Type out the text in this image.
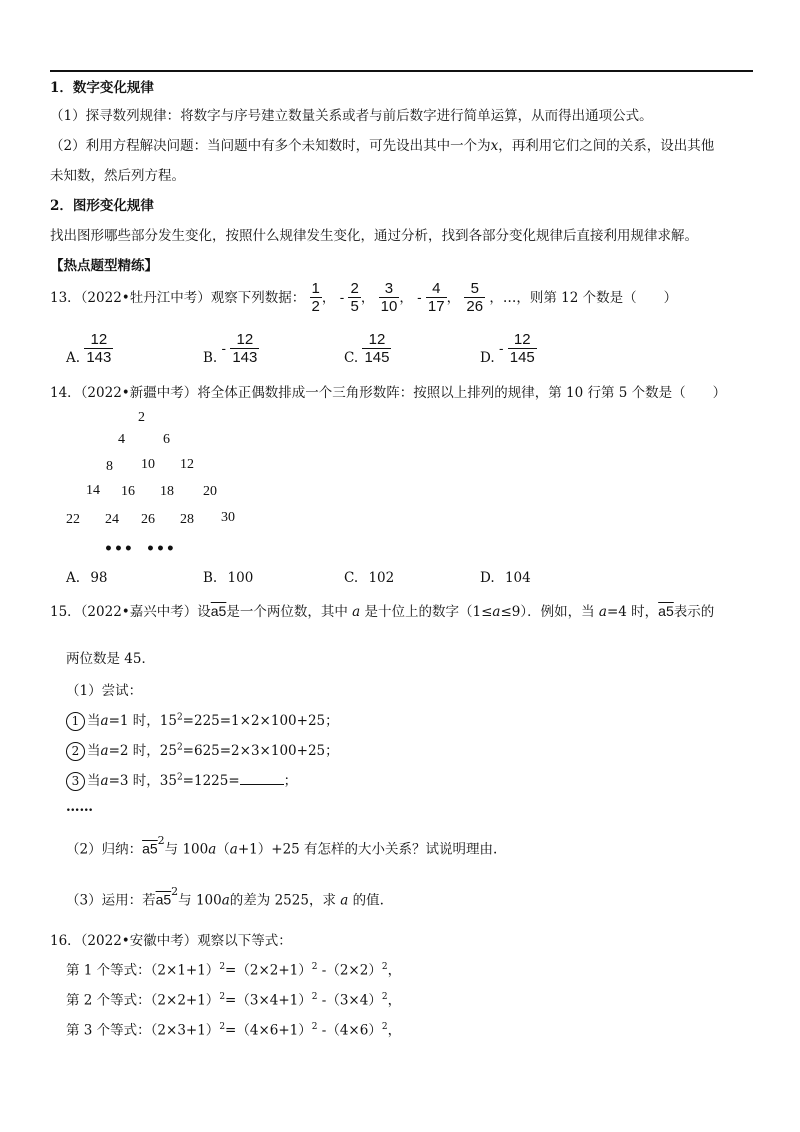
1．数字变化规律
（1）探寻数列规律：将数字与序号建立数量关系或者与前后数字进行简单运算，从而得出通项公式。
（2）利用方程解决问题：当问题中有多个未知数时，可先设出其中一个为x，再利用它们之间的关系，设出其他
未知数，然后列方程。
2．图形变化规律
找出图形哪些部分发生变化，按照什么规律发生变化，通过分析，找到各部分变化规律后直接利用规律求解。
【热点题型精练】
13．（2022•牡丹江中考）观察下列数据： $\frac{1}{2}$ ， - $\frac{2}{5}$ ， $\frac{3}{10}$ ， - $\frac{4}{17}$ ， $\frac{5}{26}$ ，…，则第 12 个数是（　　）
A. $\frac{12}{143}$	B. - $\frac{12}{143}$	C. $\frac{12}{145}$	D. - $\frac{12}{145}$
14．（2022•新疆中考）将全体正偶数排成一个三角形数阵：按照以上排列的规律，第 10 行第 5 个数是（　　）
2
4	6
8 10 12
14 16 18 20
22 24 26 28 30
••• •••
A. 98	B. 100	C. 102	D. 104
15．（2022•嘉兴中考）设a5是一个两位数，其中 a 是十位上的数字（1≤a≤9）．例如，当 a=4 时，a5表示的
两位数是 45．
（1）尝试：
1 当a=1 时，$15^2=225=1\times 2\times 100+25$；
2 当a=2 时，$25^2=625=2\times 3\times 100+25$；
3 当a=3 时，$35^2=1225=$	；
……
（2）归纳：$a5^2$与 100a（a+1）+25 有怎样的大小关系？试说明理由.
（3）运用：若$a5^2$与 100a的差为 2525，求 a 的值.
16．（2022•安徽中考）观察以下等式：
第 1 个等式：$(2\times 1+1)^2=(2\times 2+1)^2$ $-(2\times 2)^2$，
第 2 个等式：$(2\times 2+1)^2=(3\times 4+1)^2$ $-(3\times 4)^2$，
第 3 个等式：$(2\times 3+1)^2=(4\times 6+1)^2$ $-(4\times 6)^2$，
